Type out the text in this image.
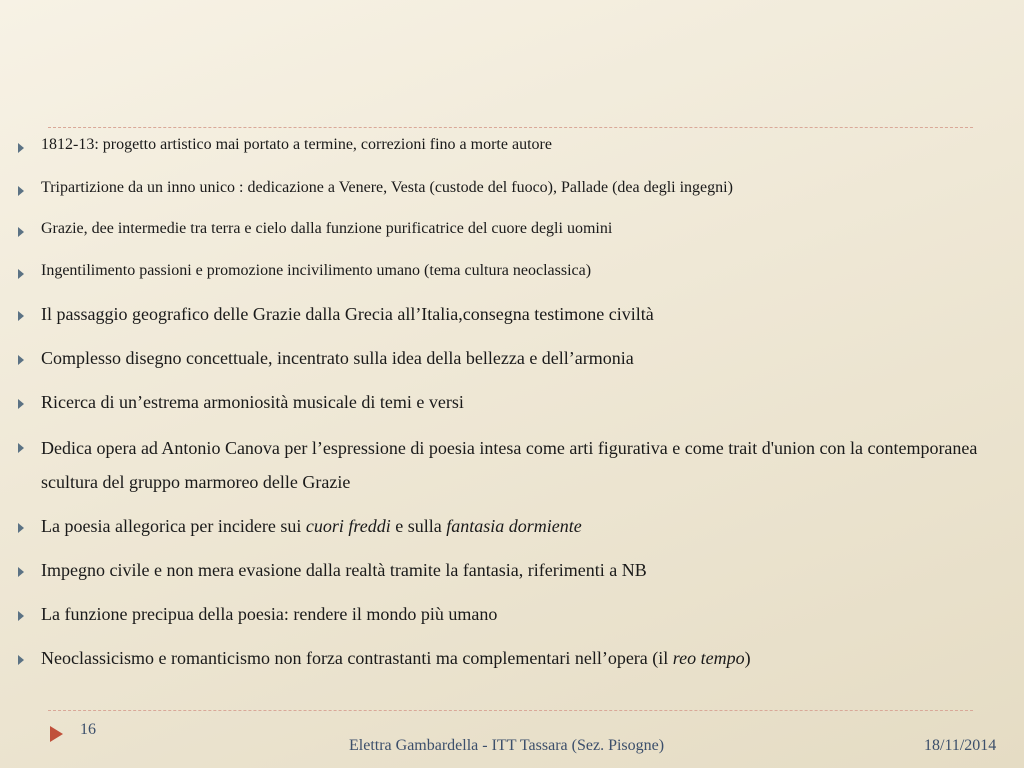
1812-13: progetto artistico mai portato a termine, correzioni fino a morte autore
Tripartizione da un inno unico : dedicazione a Venere, Vesta (custode del fuoco), Pallade (dea degli ingegni)
Grazie, dee intermedie tra terra e cielo dalla funzione purificatrice del cuore degli uomini
Ingentilimento passioni e promozione incivilimento umano (tema cultura neoclassica)
Il passaggio geografico delle Grazie dalla Grecia all’Italia,consegna testimone civiltà
Complesso disegno concettuale, incentrato sulla idea della bellezza e dell’armonia
Ricerca di un’estrema armoniosità musicale di temi e versi
Dedica opera ad Antonio Canova per l’espressione di poesia intesa come arti figurativa e come trait d'union con la contemporanea scultura del gruppo marmoreo delle Grazie
La poesia allegorica per incidere sui cuori freddi e sulla fantasia dormiente
Impegno civile e non mera evasione dalla realtà tramite la fantasia, riferimenti a NB
La funzione precipua della poesia: rendere il mondo più umano
Neoclassicismo e romanticismo non forza contrastanti ma complementari nell’opera (il reo tempo)
16
Elettra Gambardella - ITT Tassara (Sez. Pisogne)	18/11/2014
